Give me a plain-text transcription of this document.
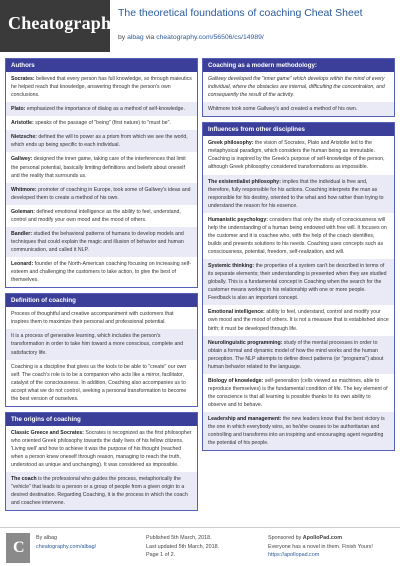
Cheatography
The theoretical foundations of coaching Cheat Sheet
by albag via cheatography.com/56506/cs/14989/
Authors
Socrates: believed that every person has full knowledge, so through maieutics he helped reach that knowledge, answering through the person's own conclusions.
Plato: emphasized the importance of dialog as a method of self-knowledge.
Aristotle: speaks of the passage of "being" (first nature) to "must be".
Nietzsche: defined the will to power as a prism from which we see the world, which ends up being specific to each individual.
Gallwey: designed the inner game, taking care of the interferences that limit the personal potential, basically limiting definitions and beliefs about oneself and the reality that surrounds us.
Whitmore: promoter of coaching in Europe, took some of Gallwey's ideas and developed them to create a method of his own.
Goleman: defined emotional intelligence as the ability to feel, understand, control and modify your own mood and the mood of others.
Bandler: studied the behavioral patterns of humans to develop models and techniques that could explain the magic and illusion of behavior and human communication, and called it NLP.
Leonard: founder of the North-American coaching focusing on increasing self-esteem and challenging the customers to take action, to give the best of themselves.
Definition of coaching
Process of thoughtful and creative accompaniment with customers that inspires them to maximize their personal and professional potential.
It is a process of generative learning, which includes the person's transformation in order to take him toward a more conscious, complete and satisfactory life.
Coaching is a discipline that gives us the tools to be able to "create" our own self. The coach's role is to be a companion who acts like a mirror, facilitator, catalyst of the consciousness. In addition, Coaching also accompanies us to accept what we do not control, seeking a personal transformation to become the best version of ourselves.
The origins of coaching
Classic Greece and Socrates: Socrates is recognized as the first philosopher who oriented Greek philosophy towards the daily lives of his fellow citizens. 'Living well' and how to achieve it was the purpose of his thought (reached when a person knew oneself through reason, managing to reach the truth, understood as unique and unchanging). It was considered as impossible.
The coach is the professional who guides the process, metaphorically the "vehicle" that leads to a person or a group of people from a given origin to a desired destination. Regarding Coaching, it is the process in which the coach and coachee intervene.
Coaching as a modern methodology:
Gallwey developed the "inner game" which develops within the mind of every individual, where the obstacles are internal, difficulting the concentration, and consequently the result of the activity.
Whitmore took some Gallwey's and created a method of his own.
Influences from other disciplines
Greek philosophy: the vision of Socrates, Plato and Aristotle led to the metaphysical paradigm, which considers the human being as immutable. Coaching is inspired by the Greek's purpose of self-knowledge of the person, although Greek philosophy considered transformations as impossible.
The existentialist philosophy: implies that the individual is free and, therefore, fully responsible for his actions. Coaching interprets the man as responsible for his destiny, oriented to the what and how rather than trying to understand the reason for his essence.
Humanistic psychology: considers that only the study of consciousness will help the understanding of a human being endowed with free will. It focuses on the customer and it is coachee who, with the help of the coach identifies, builds and presents solutions to his needs. Coaching uses concepts such as consciousness, potential, freedom, self-realization, and will.
Systemic thinking: the properties of a system can't be described in terms of its separate elements; their understanding is presented when they are studied globally. This is a fundamental concept in Coaching when the search for the customer means working in his relationship with one or more people. Feedback is also an important concept.
Emotional intelligence: ability to feel, understand, control and modify your own mood and the mood of others. It is not a measure that is established since birth; it must be developed through life.
Neurolinguistic programming: study of the mental processes in order to obtain a formal and dynamic model of how the mind works and the human perception. The NLP attempts to define direct patterns (or "programs") about human behavior related to the language.
Biology of knowledge: self-generation (cells viewed as machines, able to reproduce themselves) is the fundamental condition of life. The key element of the conscience is that all learning is possible thanks to its own ability to observe and to behave.
Leadership and management: the new leaders know that the best victory is the one in which everybody wins, so he/she ceases to be authoritarian and controlling and transforms into an inspiring and encouraging agent regarding the potential of his people.
C
By albag
cheatography.com/albag/
Published 5th March, 2018.
Last updated 5th March, 2018.
Page 1 of 2.
Sponsored by ApolloPad.com
Everyone has a novel in them. Finish Yours!
https://apollopad.com
